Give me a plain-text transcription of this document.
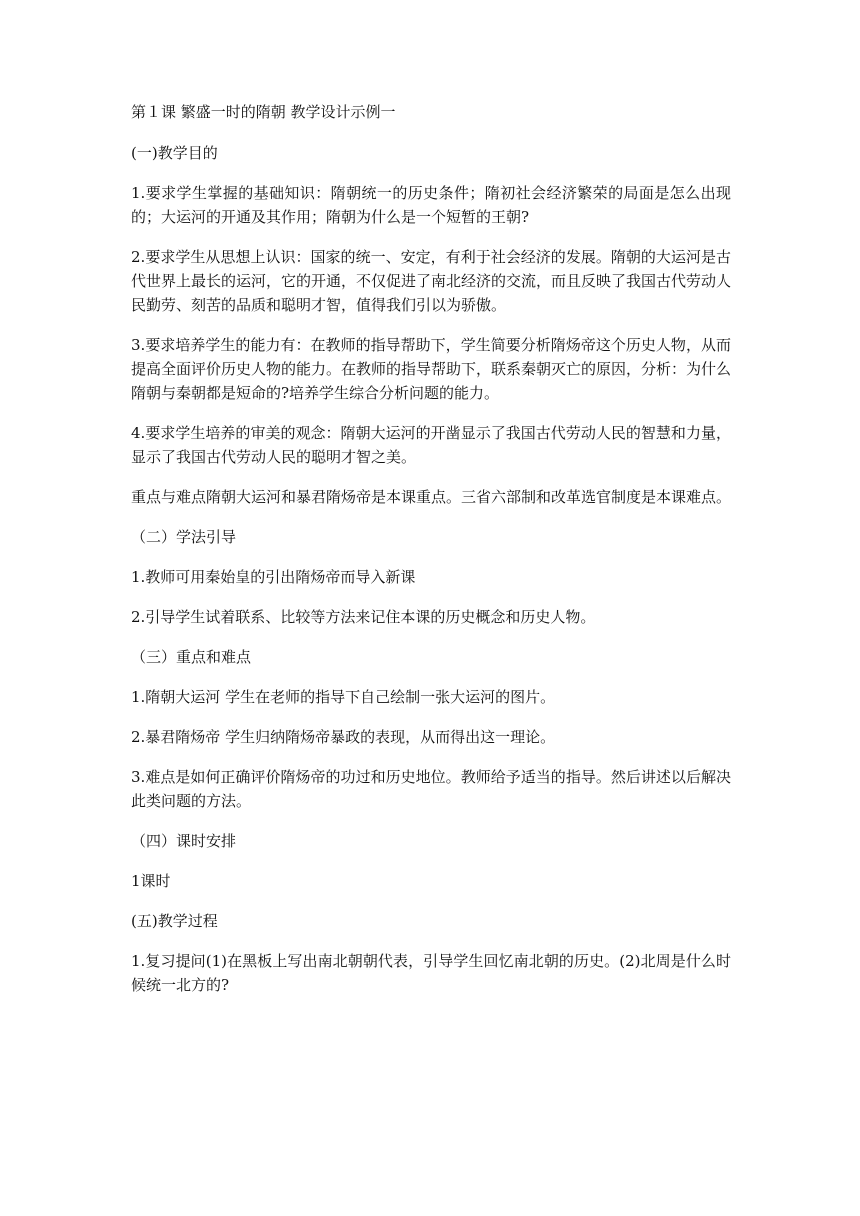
第１课 繁盛一时的隋朝 教学设计示例一

(一)教学目的

1.要求学生掌握的基础知识：隋朝统一的历史条件；隋初社会经济繁荣的局面是怎么出现的；大运河的开通及其作用；隋朝为什么是一个短暂的王朝?

2.要求学生从思想上认识：国家的统一、安定，有利于社会经济的发展。隋朝的大运河是古代世界上最长的运河，它的开通，不仅促进了南北经济的交流，而且反映了我国古代劳动人民勤劳、刻苦的品质和聪明才智，值得我们引以为骄傲。

3.要求培养学生的能力有：在教师的指导帮助下，学生简要分析隋炀帝这个历史人物，从而提高全面评价历史人物的能力。在教师的指导帮助下，联系秦朝灭亡的原因，分析：为什么隋朝与秦朝都是短命的?培养学生综合分析问题的能力。

4.要求学生培养的审美的观念：隋朝大运河的开凿显示了我国古代劳动人民的智慧和力量，显示了我国古代劳动人民的聪明才智之美。

重点与难点隋朝大运河和暴君隋炀帝是本课重点。三省六部制和改革选官制度是本课难点。

（二）学法引导

1.教师可用秦始皇的引出隋炀帝而导入新课

2.引导学生试着联系、比较等方法来记住本课的历史概念和历史人物。

（三）重点和难点

1.隋朝大运河 学生在老师的指导下自己绘制一张大运河的图片。

2.暴君隋炀帝 学生归纳隋炀帝暴政的表现，从而得出这一理论。

3.难点是如何正确评价隋炀帝的功过和历史地位。教师给予适当的指导。然后讲述以后解决此类问题的方法。

（四）课时安排

1课时

(五)教学过程

1.复习提问(1)在黑板上写出南北朝朝代表，引导学生回忆南北朝的历史。(2)北周是什么时候统一北方的?
